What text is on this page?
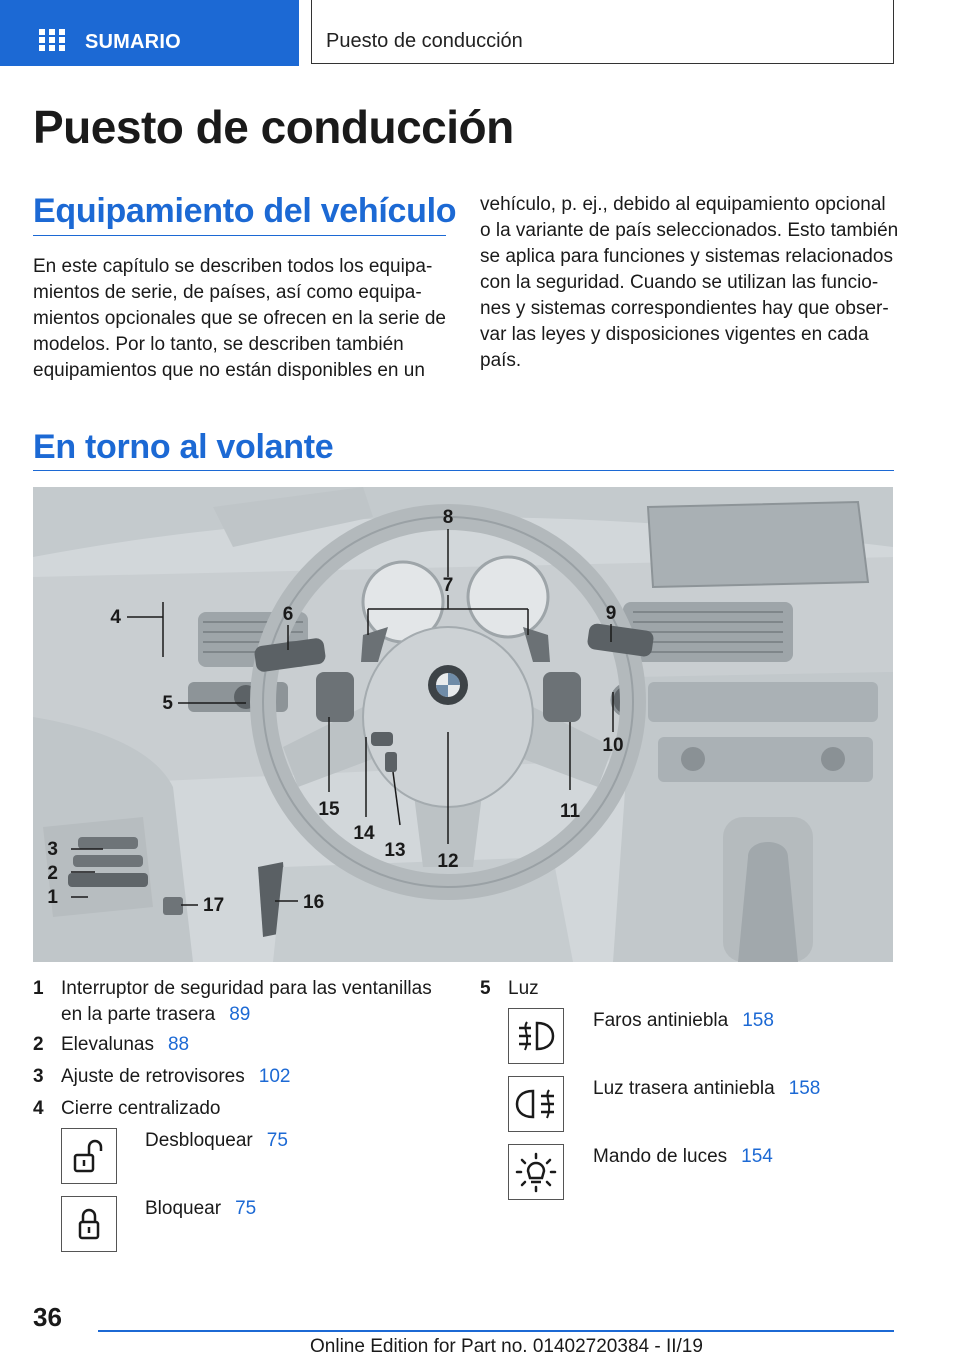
SUMARIO	Puesto de conducción
Puesto de conducción
Equipamiento del vehículo
En este capítulo se describen todos los equipamientos de serie, de países, así como equipamientos opcionales que se ofrecen en la serie de modelos. Por lo tanto, se describen también equipamientos que no están disponibles en un
vehículo, p. ej., debido al equipamiento opcional o la variante de país seleccionados. Esto también se aplica para funciones y sistemas relacionados con la seguridad. Cuando se utilizan las funciones y sistemas correspondientes hay que observar las leyes y disposiciones vigentes en cada país.
En torno al volante
4
5
3
2
1
6
8
7
9
10
11
12
13
14
15
16
17
1 Interruptor de seguridad para las ventanillas
en la parte trasera 89
2 Elevalunas 88
3 Ajuste de retrovisores 102
4 Cierre centralizado
Desbloquear 75
Bloquear 75
5 Luz
Faros antiniebla 158
Luz trasera antiniebla 158
Mando de luces 154
36
Online Edition for Part no. 01402720384 - II/19
